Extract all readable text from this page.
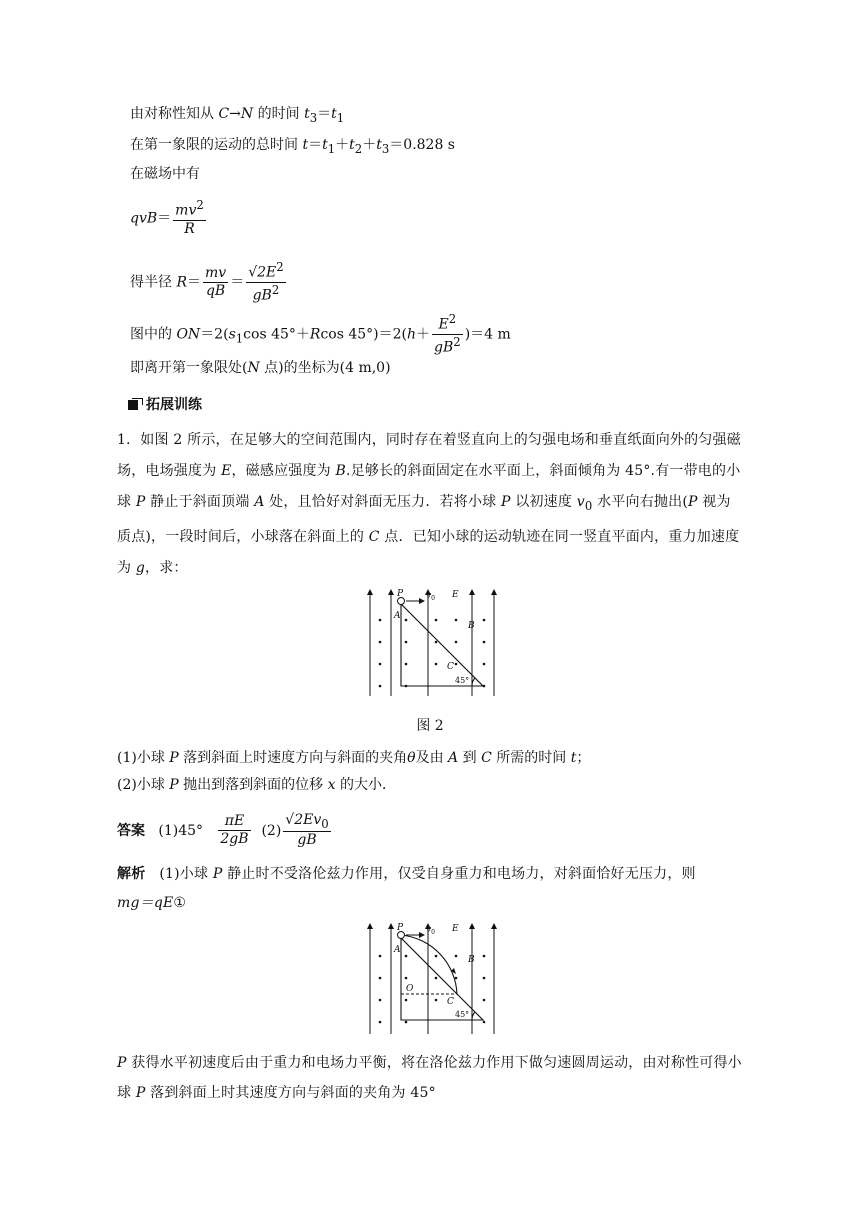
由对称性知从 C→N 的时间 $t_3=t_1$
在第一象限的运动的总时间 $t=t_1+t_2+t_3=0.828$ s
在磁场中有
$qvB= \frac{mv^2}{R}$
得半径 $R= \frac{mv}{qB} = \frac{√2E^2}{gB^2}$
图中的 $ON=2(s_1\cos$ 45°＋Rcos $45^\circ)=2(h+ \frac{E^2}{gB^2} )=4$ m
即离开第一象限处(N 点)的坐标为(4 m,0)
拓展训练
1．如图 2 所示，在足够大的空间范围内，同时存在着竖直向上的匀强电场和垂直纸面向外的匀强磁场，电场强度为 E，磁感应强度为 B.足够长的斜面固定在水平面上，斜面倾角为 45°.有一带电的小球 P 静止于斜面顶端 A 处，且恰好对斜面无压力．若将小球 P 以初速度 $v_0$ 水平向右抛出(P 视为质点)，一段时间后，小球落在斜面上的 C 点．已知小球的运动轨迹在同一竖直平面内，重力加速度为 g，求：
P	$v_0$ E
A
B
C
45°
图 2
(1)小球 P 落到斜面上时速度方向与斜面的夹角θ及由 A 到 C 所需的时间 t；
(2)小球 P 抛出到落到斜面的位移 x 的大小．
答案 $(1)45^\circ \frac{\pi E}{2gB} (2) \frac{√2Ev_0}{gB}$
解析 (1)小球 P 静止时不受洛伦兹力作用，仅受自身重力和电场力，对斜面恰好无压力，则
mg＝qE①
P	$v_0$ E
A
B
O
C
45°
P 获得水平初速度后由于重力和电场力平衡，将在洛伦兹力作用下做匀速圆周运动，由对称性可得小球 P 落到斜面上时其速度方向与斜面的夹角为 45°
